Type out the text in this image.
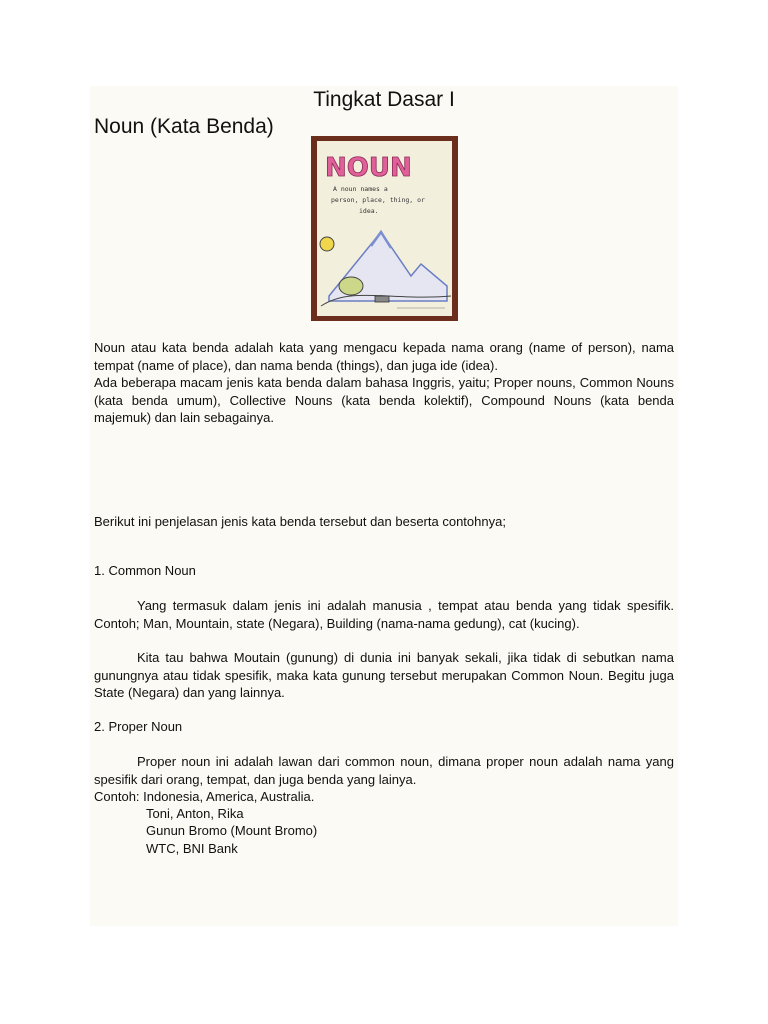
Tingkat Dasar I
Noun (Kata Benda)
NOUN
A noun names a
person, place, thing, or
idea.

Noun atau kata benda adalah kata yang mengacu kepada nama orang (name of person), nama tempat (name of place), dan nama benda (things), dan juga ide (idea).

Ada beberapa macam jenis kata benda dalam bahasa Inggris, yaitu; Proper nouns, Common Nouns (kata benda umum), Collective Nouns (kata benda kolektif), Compound Nouns (kata benda majemuk) dan lain sebagainya.

Berikut ini penjelasan jenis kata benda tersebut dan beserta contohnya;

1. Common Noun

Yang termasuk dalam jenis ini adalah manusia , tempat atau benda yang tidak spesifik. Contoh; Man, Mountain, state (Negara), Building (nama-nama gedung), cat (kucing).

Kita tau bahwa Moutain (gunung) di dunia ini banyak sekali, jika tidak di sebutkan nama gunungnya atau tidak spesifik, maka kata gunung tersebut merupakan Common Noun. Begitu juga State (Negara) dan yang lainnya.

2. Proper Noun

Proper noun ini adalah lawan dari common noun, dimana proper noun adalah nama yang spesifik dari orang, tempat, dan juga benda yang lainya.

Contoh: Indonesia, America, Australia.
Toni, Anton, Rika
Gunun Bromo (Mount Bromo)
WTC, BNI Bank
